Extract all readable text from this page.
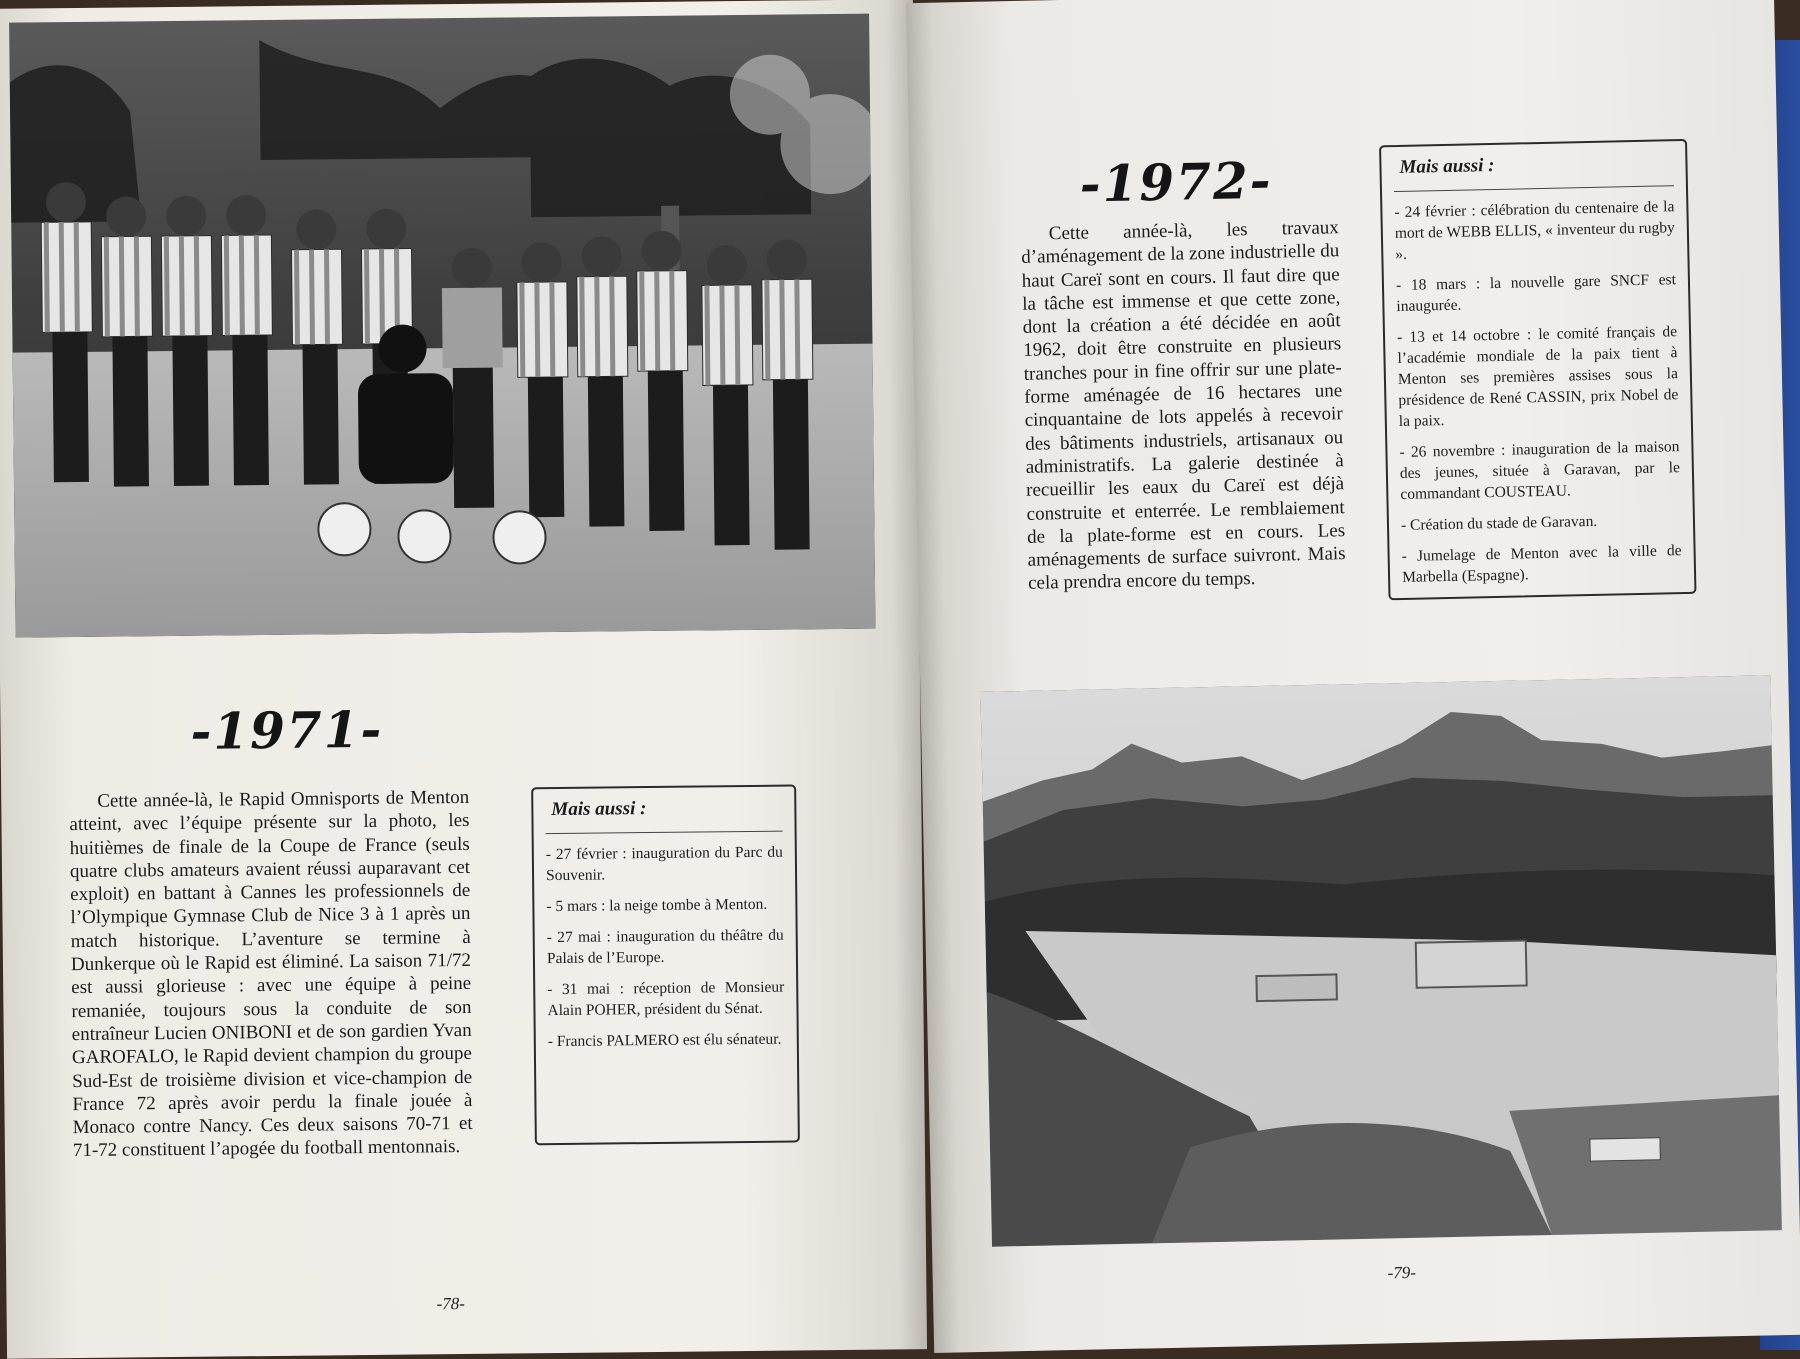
-1971-

Cette année-là, le Rapid Omnisports de Menton atteint, avec l’équipe présente sur la photo, les huitièmes de finale de la Coupe de France (seuls quatre clubs amateurs avaient réussi auparavant cet exploit) en battant à Cannes les professionnels de l’Olympique Gymnase Club de Nice 3 à 1 après un match historique. L’aventure se termine à Dunkerque où le Rapid est éliminé. La saison 71/72 est aussi glorieuse : avec une équipe à peine remaniée, toujours sous la conduite de son entraîneur Lucien ONIBONI et de son gardien Yvan GAROFALO, le Rapid devient champion du groupe Sud-Est de troisième division et vice-champion de France 72 après avoir perdu la finale jouée à Monaco contre Nancy. Ces deux saisons 70-71 et 71-72 constituent l’apogée du football mentonnais.

Mais aussi :
- 27 février : inauguration du Parc du Souvenir.
- 5 mars : la neige tombe à Menton.
- 27 mai : inauguration du théâtre du Palais de l’Europe.
- 31 mai : réception de Monsieur Alain POHER, président du Sénat.
- Francis PALMERO est élu sénateur.
-78-
-1972-

Cette année-là, les travaux d’aménagement de la zone industrielle du haut Careï sont en cours. Il faut dire que la tâche est immense et que cette zone, dont la création a été décidée en août 1962, doit être construite en plusieurs tranches pour in fine offrir sur une plate-forme aménagée de 16 hectares une cinquantaine de lots appelés à recevoir des bâtiments industriels, artisanaux ou administratifs. La galerie destinée à recueillir les eaux du Careï est déjà construite et enterrée. Le remblaiement de la plate-forme est en cours. Les aménagements de surface suivront. Mais cela prendra encore du temps.

Mais aussi :
- 24 février : célébration du centenaire de la mort de WEBB ELLIS, « inventeur du rugby ».
- 18 mars : la nouvelle gare SNCF est inaugurée.
- 13 et 14 octobre : le comité français de l’académie mondiale de la paix tient à Menton ses premières assises sous la présidence de René CASSIN, prix Nobel de la paix.
- 26 novembre : inauguration de la maison des jeunes, située à Garavan, par le commandant COUSTEAU.
- Création du stade de Garavan.
- Jumelage de Menton avec la ville de Marbella (Espagne).
-79-
